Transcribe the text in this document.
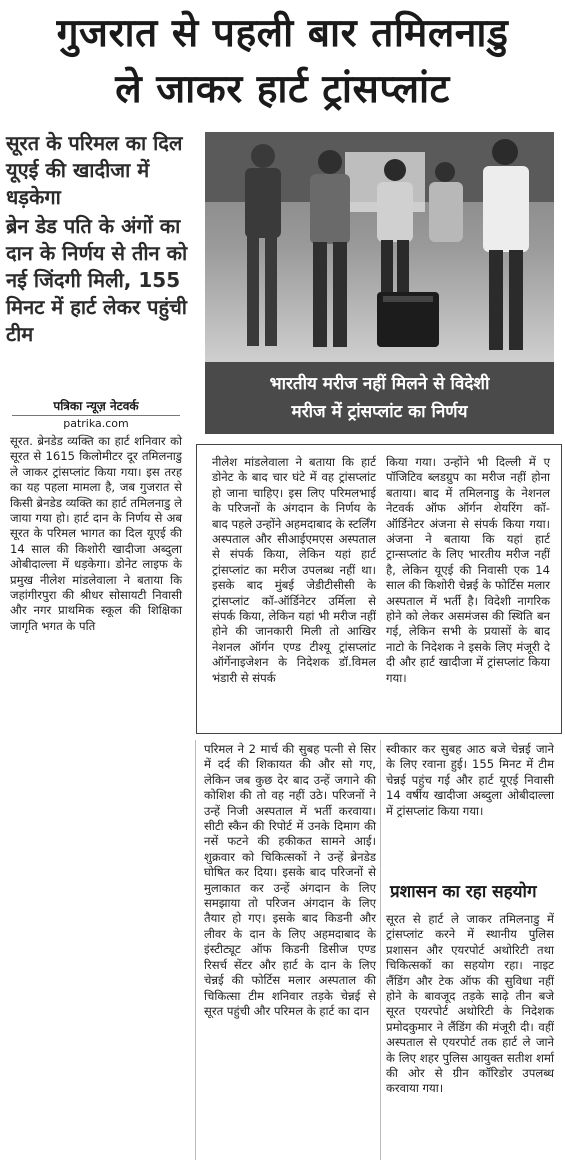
गुजरात से पहली बार तमिलनाडु
ले जाकर हार्ट ट्रांसप्लांट
सूरत के परिमल का दिल यूएई की खादीजा में धड़केगा
ब्रेन डेड पति के अंगों का दान के निर्णय से तीन को नई जिंदगी मिली, 155 मिनट में हार्ट लेकर पहुंची टीम
पत्रिका न्यूज़ नेटवर्क
patrika.com
भारतीय मरीज नहीं मिलने से विदेशी
मरीज में ट्रांसप्लांट का निर्णय
सूरत. ब्रेनडेड व्यक्ति का हार्ट शनिवार को सूरत से 1615 किलोमीटर दूर तमिलनाडु ले जाकर ट्रांसप्लांट किया गया। इस तरह का यह पहला मामला है, जब गुजरात से किसी ब्रेनडेड व्यक्ति का हार्ट तमिलनाडु ले जाया गया हो। हार्ट दान के निर्णय से अब सूरत के परिमल भागत का दिल यूएई की 14 साल की किशोरी खादीजा अब्दुला ओबीदाल्ला में धड़केगा। डोनेट लाइफ के प्रमुख नीलेश मांडलेवाला ने बताया कि जहांगीरपुरा की श्रीधर सोसायटी निवासी और नगर प्राथमिक स्कूल की शिक्षिका जागृति भगत के पति
नीलेश मांडलेवाला ने बताया कि हार्ट डोनेट के बाद चार घंटे में वह ट्रांसप्लांट हो जाना चाहिए। इस लिए परिमलभाई के परिजनों के अंगदान के निर्णय के बाद पहले उन्होंने अहमदाबाद के स्टर्लिंग अस्पताल और सीआईएमएस अस्पताल से संपर्क किया, लेकिन यहां हार्ट ट्रांसप्लांट का मरीज उपलब्ध नहीं था। इसके बाद मुंबई जेडीटीसीसी के ट्रांसप्लांट कॉ-ऑर्डिनेटर उर्मिला से संपर्क किया, लेकिन यहां भी मरीज नहीं होने की जानकारी मिली तो आखिर नेशनल ऑर्गन एण्ड टीश्यू ट्रांसप्लांट ऑर्गेनाइजेशन के निदेशक डॉ.विमल भंडारी से संपर्क
किया गया। उन्होंने भी दिल्ली में ए पॉजिटिव ब्लडग्रुप का मरीज नहीं होना बताया। बाद में तमिलनाडु के नेशनल नेटवर्क ऑफ ऑर्गन शेयरिंग कॉ-ऑर्डिनेटर अंजना से संपर्क किया गया। अंजना ने बताया कि यहां हार्ट ट्रान्सप्लांट के लिए भारतीय मरीज नहीं है, लेकिन यूएई की निवासी एक 14 साल की किशोरी चेन्नई के फोर्टिस मलार अस्पताल में भर्ती है। विदेशी नागरिक होने को लेकर असमंजस की स्थिति बन गई, लेकिन सभी के प्रयासों के बाद नाटो के निदेशक ने इसके लिए मंजूरी दे दी और हार्ट खादीजा में ट्रांसप्लांट किया गया।
परिमल ने 2 मार्च की सुबह पत्नी से सिर में दर्द की शिकायत की और सो गए, लेकिन जब कुछ देर बाद उन्हें जगाने की कोशिश की तो वह नहीं उठे। परिजनों ने उन्हें निजी अस्पताल में भर्ती करवाया। सीटी स्कैन की रिपोर्ट में उनके दिमाग की नसें फटने की हकीकत सामने आई। शुक्रवार को चिकित्सकों ने उन्हें ब्रेनडेड घोषित कर दिया। इसके बाद परिजनों से मुलाकात कर उन्हें अंगदान के लिए समझाया तो परिजन अंगदान के लिए तैयार हो गए। इसके बाद किडनी और लीवर के दान के लिए अहमदाबाद के इंस्टीट्यूट ऑफ किडनी डिसीज एण्ड रिसर्च सेंटर और हार्ट के दान के लिए चेन्नई की फोर्टिस मलार अस्पताल की चिकित्सा टीम शनिवार तड़के चेन्नई से सूरत पहुंची और परिमल के हार्ट का दान
स्वीकार कर सुबह आठ बजे चेन्नई जाने के लिए रवाना हुई। 155 मिनट में टीम चेन्नई पहुंच गई और हार्ट यूएई निवासी 14 वर्षीय खादीजा अब्दुला ओबीदाल्ला में ट्रांसप्लांट किया गया।
प्रशासन का रहा सहयोग
सूरत से हार्ट ले जाकर तमिलनाडु में ट्रांसप्लांट करने में स्थानीय पुलिस प्रशासन और एयरपोर्ट अथोरिटी तथा चिकित्सकों का सहयोग रहा। नाइट लैंडिंग और टेक ऑफ की सुविधा नहीं होने के बावजूद तड़के साढ़े तीन बजे सूरत एयरपोर्ट अथोरिटी के निदेशक प्रमोदकुमार ने लैंडिंग की मंजूरी दी। वहीं अस्पताल से एयरपोर्ट तक हार्ट ले जाने के लिए शहर पुलिस आयुक्त सतीश शर्मा की ओर से ग्रीन कॉरिडोर उपलब्ध करवाया गया।
